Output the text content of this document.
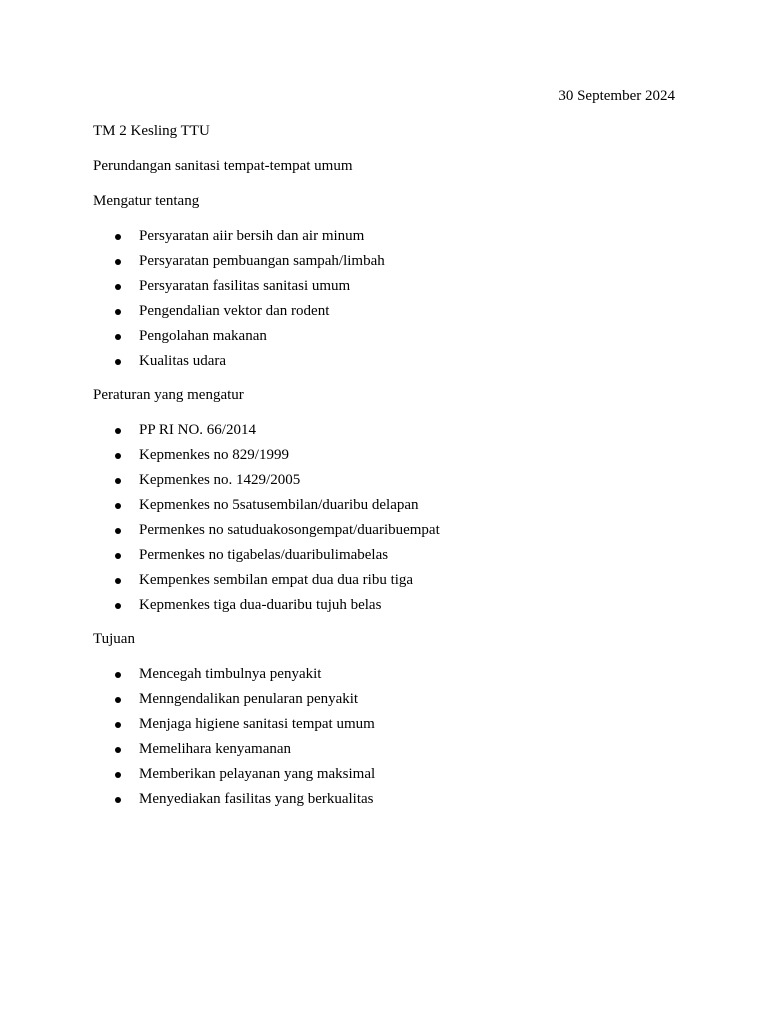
30 September 2024

TM 2 Kesling TTU

Perundangan sanitasi tempat-tempat umum

Mengatur tentang

Persyaratan aiir bersih dan air minum
Persyaratan pembuangan sampah/limbah
Persyaratan fasilitas sanitasi umum
Pengendalian vektor dan rodent
Pengolahan makanan
Kualitas udara

Peraturan yang mengatur

PP RI NO. 66/2014
Kepmenkes no 829/1999
Kepmenkes no. 1429/2005
Kepmenkes no 5satusembilan/duaribu delapan
Permenkes no satuduakosongempat/duaribuempat
Permenkes no tigabelas/duaribulimabelas
Kempenkes sembilan empat dua dua ribu tiga
Kepmenkes tiga dua-duaribu tujuh belas

Tujuan

Mencegah timbulnya penyakit
Menngendalikan penularan penyakit
Menjaga higiene sanitasi tempat umum
Memelihara kenyamanan
Memberikan pelayanan yang maksimal
Menyediakan fasilitas yang berkualitas
